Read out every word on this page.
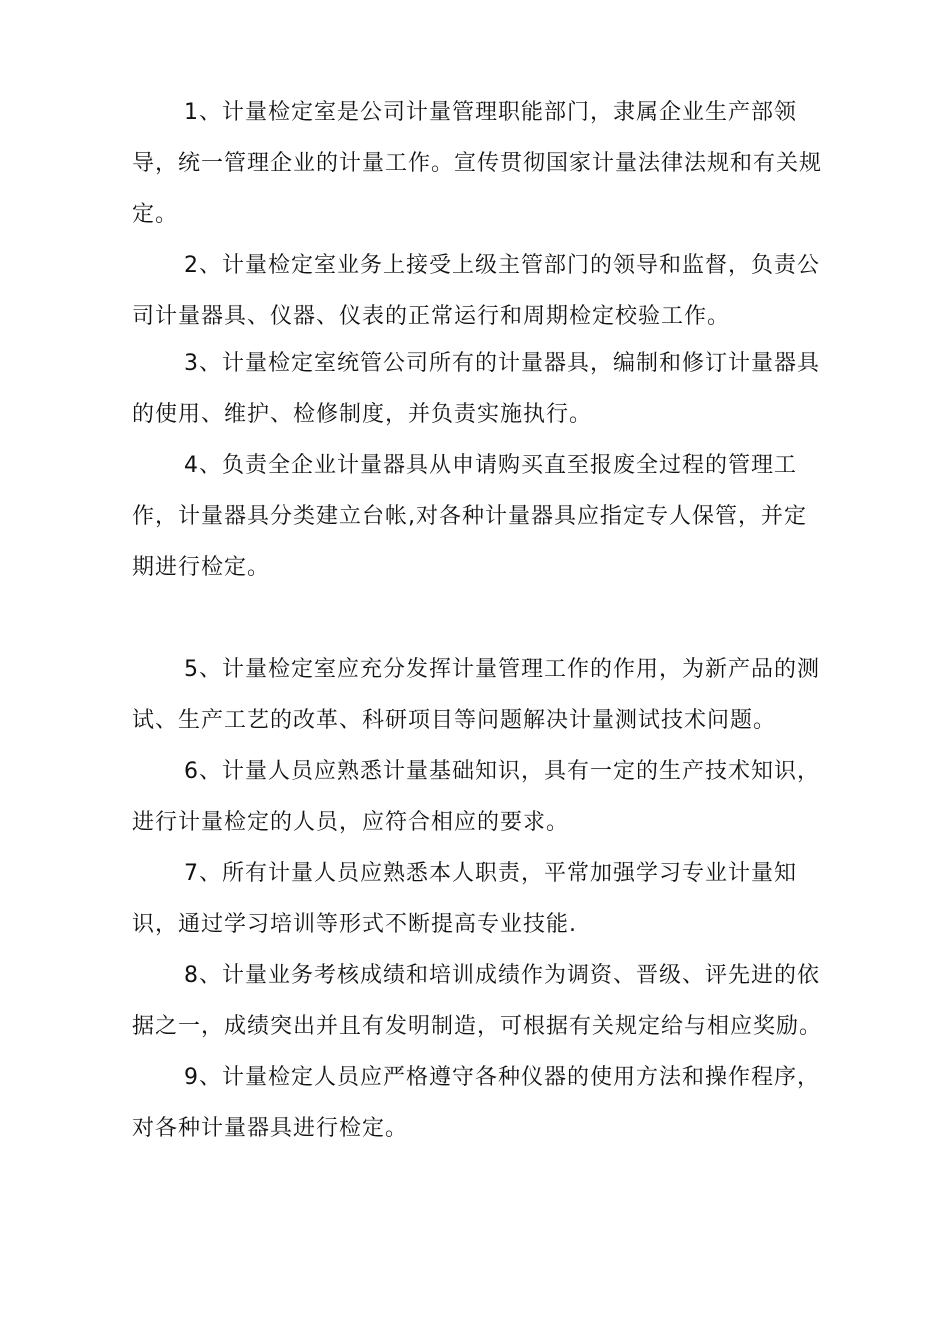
1、计量检定室是公司计量管理职能部门，隶属企业生产部领导，统一管理企业的计量工作。宣传贯彻国家计量法律法规和有关规定。

2、计量检定室业务上接受上级主管部门的领导和监督，负责公司计量器具、仪器、仪表的正常运行和周期检定校验工作。

3、计量检定室统管公司所有的计量器具，编制和修订计量器具的使用、维护、检修制度，并负责实施执行。

4、负责全企业计量器具从申请购买直至报废全过程的管理工作，计量器具分类建立台帐,对各种计量器具应指定专人保管，并定期进行检定。

5、计量检定室应充分发挥计量管理工作的作用，为新产品的测试、生产工艺的改革、科研项目等问题解决计量测试技术问题。

6、计量人员应熟悉计量基础知识，具有一定的生产技术知识，进行计量检定的人员，应符合相应的要求。

7、所有计量人员应熟悉本人职责，平常加强学习专业计量知识，通过学习培训等形式不断提高专业技能.

8、计量业务考核成绩和培训成绩作为调资、晋级、评先进的依据之一，成绩突出并且有发明制造，可根据有关规定给与相应奖励。

9、计量检定人员应严格遵守各种仪器的使用方法和操作程序，对各种计量器具进行检定。
